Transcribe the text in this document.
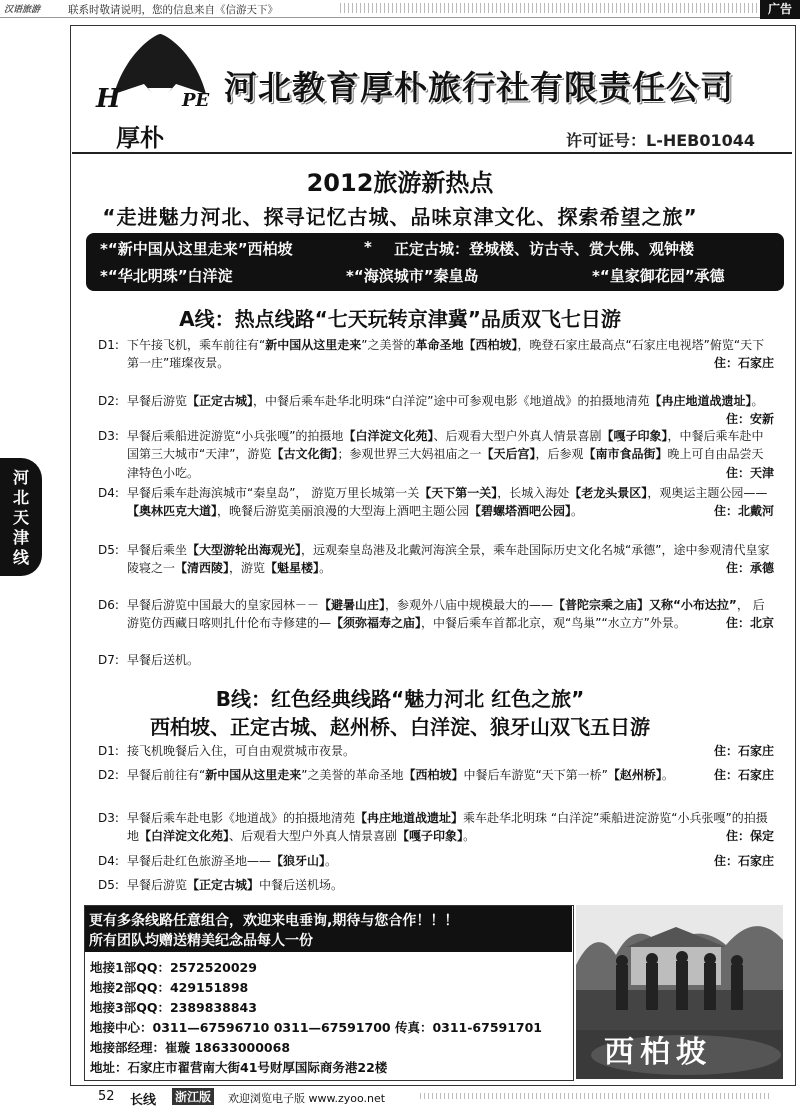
汉语旅游	联系时敬请说明，您的信息来自《信游天下》	广告
H	PE
厚朴
河北教育厚朴旅行社有限责任公司
许可证号：L-HEB01044
2012旅游新热点
“走进魅力河北、探寻记忆古城、品味京津文化、探索希望之旅”
*“新中国从这里走来”西柏坡	* 正定古城：登城楼、访古寺、赏大佛、观钟楼
*“华北明珠”白洋淀	*“海滨城市”秦皇岛	*“皇家御花园”承德
河北天津线
A线：热点线路“七天玩转京津冀”品质双飞七日游
D1: 下午接飞机，乘车前往有“新中国从这里走来”之美誉的革命圣地【西柏坡】，晚登石家庄最高点“石家庄电视塔”俯览“天下第一庄”璀璨夜景。	住：石家庄
D2: 早餐后游览【正定古城】，中餐后乘车赴华北明珠“白洋淀”途中可参观电影《地道战》的拍摄地清苑【冉庄地道战遗址】。
住：安新
D3: 早餐后乘船进淀游览“小兵张嘎”的拍摄地【白洋淀文化苑】、后观看大型户外真人情景喜剧【嘎子印象】，中餐后乘车赴中国第三大城市“天津”，游览【古文化街】；参观世界三大妈祖庙之一【天后宫】，后参观【南市食品街】晚上可自由品尝天津特色小吃。	住：天津
D4: 早餐后乘车赴海滨城市“秦皇岛”， 游览万里长城第一关【天下第一关】，长城入海处【老龙头景区】，观奥运主题公园——【奥林匹克大道】，晚餐后游览美丽浪漫的大型海上酒吧主题公园【碧螺塔酒吧公园】。	住：北戴河
D5: 早餐后乘坐【大型游轮出海观光】，远观秦皇岛港及北戴河海滨全景，乘车赴国际历史文化名城“承德”，途中参观清代皇家陵寝之一【清西陵】，游览【魁星楼】。	住：承德
D6: 早餐后游览中国最大的皇家园林－－【避暑山庄】，参观外八庙中规模最大的——【普陀宗乘之庙】又称“小布达拉”， 后游览仿西藏日喀则扎什伦布寺修建的—【须弥福寿之庙】，中餐后乘车首都北京，观“鸟巢”“水立方”外景。	住：北京
D7: 早餐后送机。
B线：红色经典线路“魅力河北 红色之旅”
西柏坡、正定古城、赵州桥、白洋淀、狼牙山双飞五日游
D1: 接飞机晚餐后入住，可自由观赏城市夜景。	住：石家庄
D2: 早餐后前往有“新中国从这里走来”之美誉的革命圣地【西柏坡】中餐后车游览“天下第一桥”【赵州桥】。	住：石家庄
D3: 早餐后乘车赴电影《地道战》的拍摄地清苑【冉庄地道战遗址】乘车赴华北明珠 “白洋淀”乘船进淀游览“小兵张嘎”的拍摄地【白洋淀文化苑】、后观看大型户外真人情景喜剧【嘎子印象】。	住：保定
D4: 早餐后赴红色旅游圣地——【狼牙山】。	住：石家庄
D5: 早餐后游览【正定古城】中餐后送机场。
更有多条线路任意组合，欢迎来电垂询,期待与您合作！！！
所有团队均赠送精美纪念品每人一份
地接1部QQ：2572520029
地接2部QQ：429151898
地接3部QQ：2389838843
地接中心：0311—67596710 0311—67591700 传真：0311-67591701
地接部经理：崔璇 18633000068
地址：石家庄市翟营南大街41号财厚国际商务港22楼	西柏坡
52 长线 浙江版 欢迎浏览电子版 www.zyoo.net
